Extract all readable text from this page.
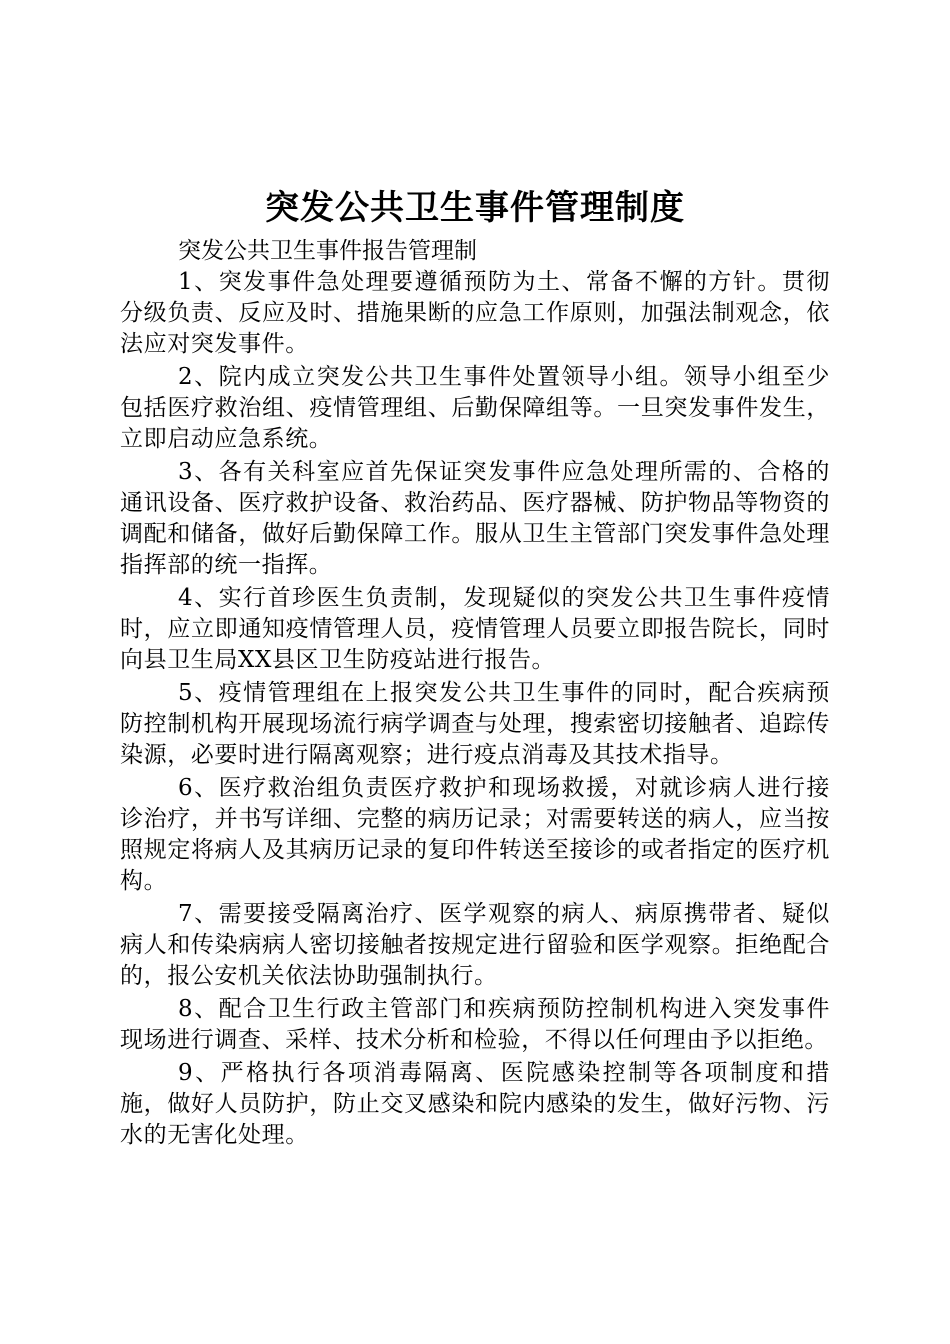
突发公共卫生事件管理制度

突发公共卫生事件报告管理制

1、突发事件急处理要遵循预防为土、常备不懈的方针。贯彻分级负责、反应及时、措施果断的应急工作原则，加强法制观念，依法应对突发事件。

2、院内成立突发公共卫生事件处置领导小组。领导小组至少包括医疗救治组、疫情管理组、后勤保障组等。一旦突发事件发生，立即启动应急系统。

3、各有关科室应首先保证突发事件应急处理所需的、合格的通讯设备、医疗救护设备、救治药品、医疗器械、防护物品等物资的调配和储备，做好后勤保障工作。服从卫生主管部门突发事件急处理指挥部的统一指挥。

4、实行首珍医生负责制，发现疑似的突发公共卫生事件疫情时，应立即通知疫情管理人员，疫情管理人员要立即报告院长，同时向县卫生局XX县区卫生防疫站进行报告。

5、疫情管理组在上报突发公共卫生事件的同时，配合疾病预防控制机构开展现场流行病学调查与处理，搜索密切接触者、追踪传染源，必要时进行隔离观察；进行疫点消毒及其技术指导。

6、医疗救治组负责医疗救护和现场救援，对就诊病人进行接诊治疗，并书写详细、完整的病历记录；对需要转送的病人，应当按照规定将病人及其病历记录的复印件转送至接诊的或者指定的医疗机构。

7、需要接受隔离治疗、医学观察的病人、病原携带者、疑似病人和传染病病人密切接触者按规定进行留验和医学观察。拒绝配合的，报公安机关依法协助强制执行。

8、配合卫生行政主管部门和疾病预防控制机构进入突发事件现场进行调查、采样、技术分析和检验，不得以任何理由予以拒绝。

9、严格执行各项消毒隔离、医院感染控制等各项制度和措施，做好人员防护，防止交叉感染和院内感染的发生，做好污物、污水的无害化处理。
